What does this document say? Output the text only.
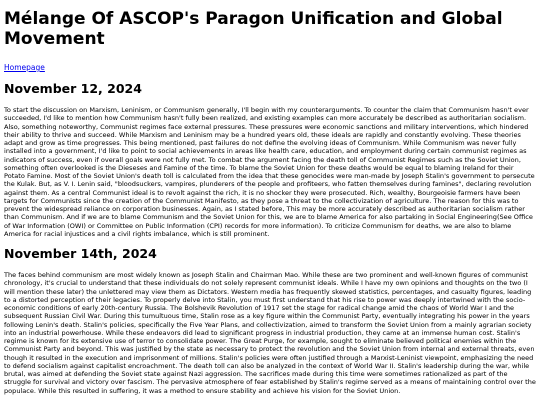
Mélange Of ASCOP's Paragon Unification and Global Movement
Homepage
November 12, 2024

To start the discussion on Marxism, Leninism, or Communism generally, I'll begin with my counterarguments. To counter the claim that Communism hasn't ever succeeded, I'd like to mention how Communism hasn't fully been realized, and existing examples can more accurately be described as authoritarian socialism. Also, something noteworthy, Communist regimes face external pressures. These pressures were economic sanctions and military interventions, which hindered their ability to thrive and succeed. While Marxism and Leninism may be a hundred years old, these ideals are rapidly and constantly evolving. These theories adapt and grow as time progresses. This being mentioned, past failures do not define the evolving ideas of Communism. While Communism was never fully installed into a government, I'd like to point to social achievements in areas like health care, education, and employment during certain communist regimes as indicators of success, even if overall goals were not fully met. To combat the argument facing the death toll of Communist Regimes such as the Soviet Union, something often overlooked is the Dieseses and Famine of the time. To blame the Soviet Union for these deaths would be equal to blaming Ireland for their Potato Famine. Most of the Soviet Union's death toll is calculated from the idea that these genocides were man-made by Joseph Stalin's government to persecute the Kulak. But, as V. I. Lenin said, "bloodsuckers, vampires, plunderers of the people and profiteers, who fatten themselves during famines", declaring revolution against them. As a central Communist ideal is to revolt against the rich, it is no shocker they were prosecuted. Rich, wealthy, Bourgeoisie farmers have been targets for Communists since the creation of the Communist Manifesto, as they pose a threat to the collectivization of agriculture. The reason for this was to prevent the widespread reliance on corporation businesses. Again, as I stated before, This may be more accurately described as authoritarian socialism rather than Communism. And if we are to blame Communism and the Soviet Union for this, we are to blame America for also partaking in Social Engineering(See Office of War Information (OWI) or Committee on Public Information (CPI) records for more information). To criticize Communism for deaths, we are also to blame America for racial injustices and a civil rights imbalance, which is still prominent.

November 14th, 2024

The faces behind communism are most widely known as Joseph Stalin and Chairman Mao. While these are two prominent and well-known figures of communist chronology, it's crucial to understand that these individuals do not solely represent communist ideals. While I have my own opinions and thoughts on the two (I will mention these later) the unlettered may view them as Dictators. Western media has frequently skewed statistics, percentages, and casualty figures, leading to a distorted perception of their legacies. To properly delve into Stalin, you must first understand that his rise to power was deeply intertwined with the socio-economic conditions of early 20th-century Russia. The Bolshevik Revolution of 1917 set the stage for radical change amid the chaos of World War I and the subsequent Russian Civil War. During this tumultuous time, Stalin rose as a key figure within the Communist Party, eventually integrating his power in the years following Lenin's death. Stalin's policies, specifically the Five Year Plans, and collectivization, aimed to transform the Soviet Union from a mainly agrarian society into an industrial powerhouse. While these endeavors did lead to significant progress in industrial production, they came at an immense human cost. Stalin's regime is known for its extensive use of terror to consolidate power. The Great Purge, for example, sought to eliminate believed political enemies within the Communist Party and beyond. This was justified by the state as necessary to protect the revolution and the Soviet Union from internal and external threats, even though it resulted in the execution and imprisonment of millions. Stalin's policies were often justified through a Marxist-Leninist viewpoint, emphasizing the need to defend socialism against capitalist encroachment. The death toll can also be analyzed in the context of World War II. Stalin's leadership during the war, while brutal, was aimed at defending the Soviet state against Nazi aggression. The sacrifices made during this time were sometimes rationalized as part of the struggle for survival and victory over fascism. The pervasive atmosphere of fear established by Stalin's regime served as a means of maintaining control over the populace. While this resulted in suffering, it was a method to ensure stability and achieve his vision for the Soviet Union.
